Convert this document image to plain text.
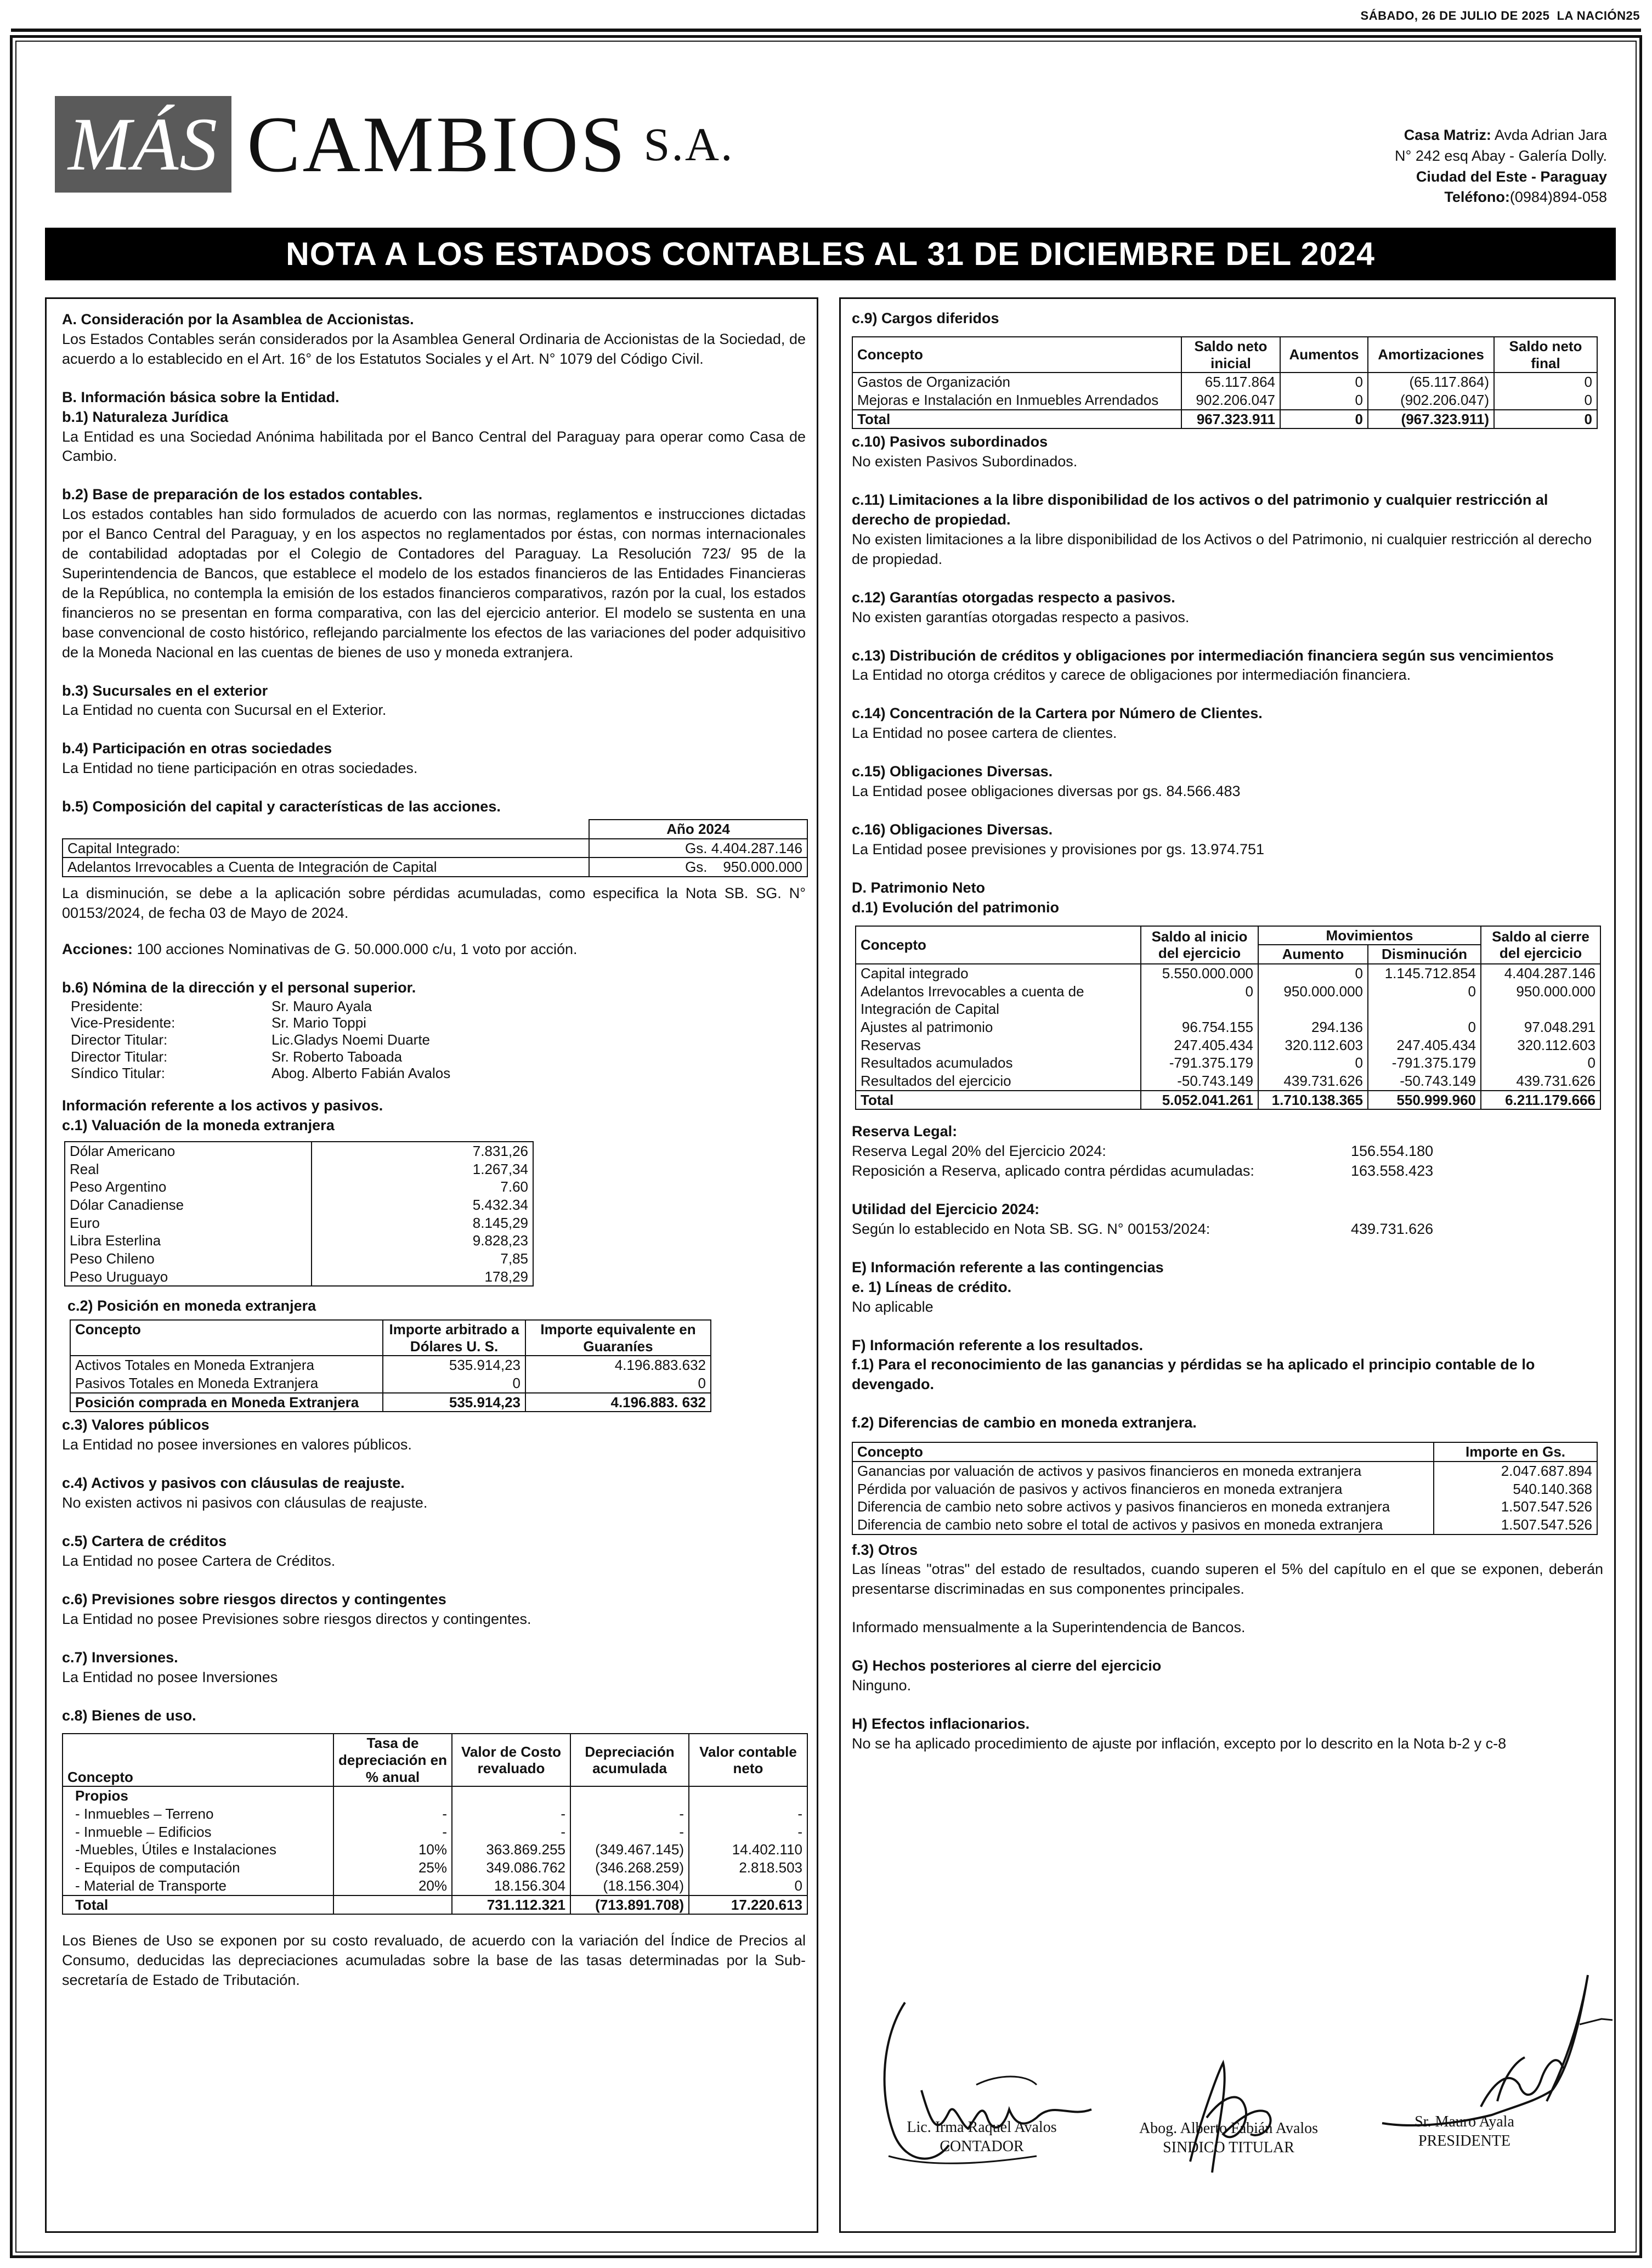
SÁBADO, 26 DE JULIO DE 2025 LA NACIÓN25
MÁS CAMBIOS S.A.	Casa Matriz: Avda Adrian Jara
N° 242 esq Abay - Galería Dolly.
Ciudad del Este - Paraguay
Teléfono:(0984)894-058
NOTA A LOS ESTADOS CONTABLES AL 31 DE DICIEMBRE DEL 2024
A. Consideración por la Asamblea de Accionistas.

Los Estados Contables serán considerados por la Asamblea General Ordinaria de Accionistas de la Sociedad, de acuerdo a lo establecido en el Art. 16° de los Estatutos Sociales y el Art. N° 1079 del Código Civil.

B. Información básica sobre la Entidad.
b.1) Naturaleza Jurídica

La Entidad es una Sociedad Anónima habilitada por el Banco Central del Paraguay para operar como Casa de Cambio.

b.2) Base de preparación de los estados contables.

Los estados contables han sido formulados de acuerdo con las normas, reglamentos e instrucciones dictadas por el Banco Central del Paraguay, y en los aspectos no reglamentados por éstas, con normas internacionales de contabilidad adoptadas por el Colegio de Contadores del Paraguay. La Resolución 723/ 95 de la Superintendencia de Bancos, que establece el modelo de los estados financieros de las Entidades Financieras de la República, no contempla la emisión de los estados financieros comparativos, razón por la cual, los estados financieros no se presentan en forma comparativa, con las del ejercicio anterior. El modelo se sustenta en una base convencional de costo histórico, reflejando parcialmente los efectos de las variaciones del poder adquisitivo de la Moneda Nacional en las cuentas de bienes de uso y moneda extranjera.

b.3) Sucursales en el exterior

La Entidad no cuenta con Sucursal en el Exterior.

b.4) Participación en otras sociedades

La Entidad no tiene participación en otras sociedades.

b.5) Composición del capital y características de las acciones.
	Año 2024
Capital Integrado:	Gs. 4.404.287.146
Adelantos Irrevocables a Cuenta de Integración de Capital	Gs.    950.000.000

La disminución, se debe a la aplicación sobre pérdidas acumuladas, como especifica la Nota SB. SG. N° 00153/2024, de fecha 03 de Mayo de 2024.

Acciones: 100 acciones Nominativas de G. 50.000.000 c/u, 1 voto por acción.

b.6) Nómina de la dirección y el personal superior.
Presidente:	Sr. Mauro Ayala
Vice-Presidente:	Sr. Mario Toppi
Director Titular:	Lic.Gladys Noemi Duarte
Director Titular:	Sr. Roberto Taboada
Síndico Titular:	Abog. Alberto Fabián Avalos
Información referente a los activos y pasivos.
c.1) Valuación de la moneda extranjera
Dólar Americano	7.831,26
Real	1.267,34
Peso Argentino	7.60
Dólar Canadiense	5.432.34
Euro	8.145,29
Libra Esterlina	9.828,23
Peso Chileno	7,85
Peso Uruguayo	178,29
c.2) Posición en moneda extranjera
Concepto	Importe arbitrado a Dólares U. S.	Importe equivalente en Guaraníes
Activos Totales en Moneda Extranjera	535.914,23	4.196.883.632
Pasivos Totales en Moneda Extranjera	0	0
Posición comprada en Moneda Extranjera	535.914,23	4.196.883. 632
c.3) Valores públicos

La Entidad no posee inversiones en valores públicos.

c.4) Activos y pasivos con cláusulas de reajuste.

No existen activos ni pasivos con cláusulas de reajuste.

c.5) Cartera de créditos

La Entidad no posee Cartera de Créditos.

c.6) Previsiones sobre riesgos directos y contingentes

La Entidad no posee Previsiones sobre riesgos directos y contingentes.

c.7) Inversiones.

La Entidad no posee Inversiones

c.8) Bienes de uso.
Concepto	Tasa de depreciación en % anual	Valor de Costo revaluado	Depreciación acumulada	Valor contable neto
Propios				
- Inmuebles – Terreno	-	-	-	-
- Inmueble – Edificios	-	-	-	-
-Muebles, Útiles e Instalaciones	10%	363.869.255	(349.467.145)	14.402.110
- Equipos de computación	25%	349.086.762	(346.268.259)	2.818.503
- Material de Transporte	20%	18.156.304	(18.156.304)	0
Total		731.112.321	(713.891.708)	17.220.613

Los Bienes de Uso se exponen por su costo revaluado, de acuerdo con la variación del Índice de Precios al Consumo, deducidas las depreciaciones acumuladas sobre la base de las tasas determinadas por la Sub-secretaría de Estado de Tributación.

c.9) Cargos diferidos
Concepto	Saldo neto inicial	Aumentos	Amortizaciones	Saldo neto final
Gastos de Organización	65.117.864	0	(65.117.864)	0
Mejoras e Instalación en Inmuebles Arrendados	902.206.047	0	(902.206.047)	0
Total	967.323.911	0	(967.323.911)	0
c.10) Pasivos subordinados

No existen Pasivos Subordinados.

c.11) Limitaciones a la libre disponibilidad de los activos o del patrimonio y cualquier restricción al derecho de propiedad.

No existen limitaciones a la libre disponibilidad de los Activos o del Patrimonio, ni cualquier restricción al derecho de propiedad.

c.12) Garantías otorgadas respecto a pasivos.

No existen garantías otorgadas respecto a pasivos.

c.13) Distribución de créditos y obligaciones por intermediación financiera según sus vencimientos

La Entidad no otorga créditos y carece de obligaciones por intermediación financiera.

c.14) Concentración de la Cartera por Número de Clientes.

La Entidad no posee cartera de clientes.

c.15) Obligaciones Diversas.

La Entidad posee obligaciones diversas por gs. 84.566.483

c.16) Obligaciones Diversas.

La Entidad posee previsiones y provisiones por gs. 13.974.751

D. Patrimonio Neto
d.1) Evolución del patrimonio
Concepto	Saldo al inicio del ejercicio	Movimientos		Saldo al cierre del ejercicio
		Aumento	Disminución	
Capital integrado	5.550.000.000	0	1.145.712.854	4.404.287.146
Adelantos Irrevocables a cuenta de	0	950.000.000	0	950.000.000
Integración de Capital				
Ajustes al patrimonio	96.754.155	294.136	0	97.048.291
Reservas	247.405.434	320.112.603	247.405.434	320.112.603
Resultados acumulados	-791.375.179	0	-791.375.179	0
Resultados del ejercicio	-50.743.149	439.731.626	-50.743.149	439.731.626
Total	5.052.041.261	1.710.138.365	550.999.960	6.211.179.666
Reserva Legal:
Reserva Legal 20% del Ejercicio 2024:	156.554.180
Reposición a Reserva, aplicado contra pérdidas acumuladas:	163.558.423
Utilidad del Ejercicio 2024:
Según lo establecido en Nota SB. SG. N° 00153/2024:	439.731.626
E) Información referente a las contingencias
e. 1) Líneas de crédito.

No aplicable

F) Información referente a los resultados.
f.1) Para el reconocimiento de las ganancias y pérdidas se ha aplicado el principio contable de lo devengado.
f.2) Diferencias de cambio en moneda extranjera.
Concepto	Importe en Gs.
Ganancias por valuación de activos y pasivos financieros en moneda extranjera	2.047.687.894
Pérdida por valuación de pasivos y activos financieros en moneda extranjera	540.140.368
Diferencia de cambio neto sobre activos y pasivos financieros en moneda extranjera	1.507.547.526
Diferencia de cambio neto sobre el total de activos y pasivos en moneda extranjera	1.507.547.526
f.3) Otros

Las líneas "otras" del estado de resultados, cuando superen el 5% del capítulo en el que se exponen, deberán presentarse discriminadas en sus componentes principales.

Informado mensualmente a la Superintendencia de Bancos.

G) Hechos posteriores al cierre del ejercicio

Ninguno.

H) Efectos inflacionarios.

No se ha aplicado procedimiento de ajuste por inflación, excepto por lo descrito en la Nota b-2 y c-8

Lic. Irma Raquel Avalos
CONTADOR
Abog. Alberto Fabián Avalos
SINDICO TITULAR
Sr. Mauro Ayala
PRESIDENTE
